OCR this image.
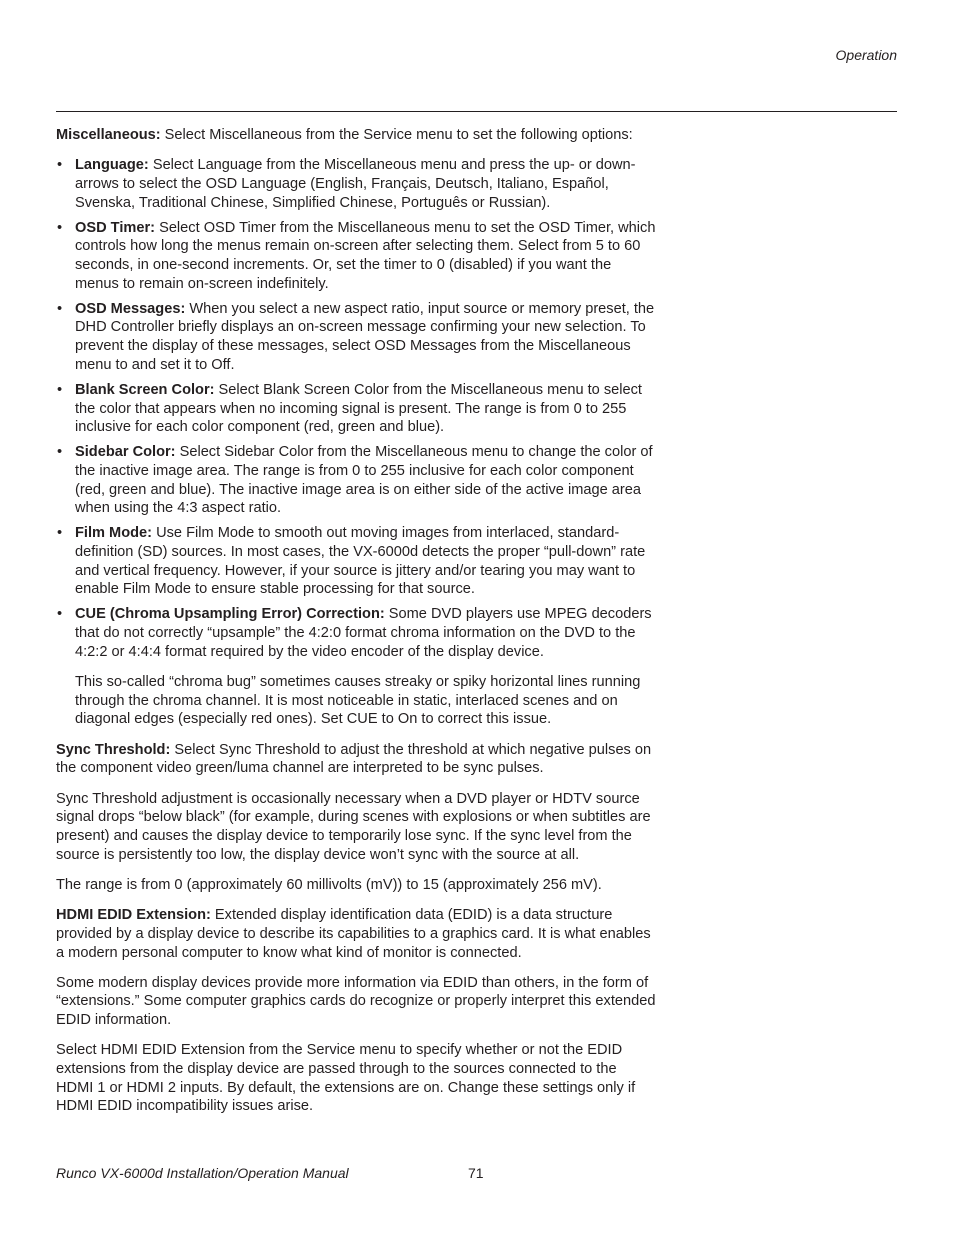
Operation

Miscellaneous: Select Miscellaneous from the Service menu to set the following options:

• Language: Select Language from the Miscellaneous menu and press the up- or down-arrows to select the OSD Language (English, Français, Deutsch, Italiano, Español, Svenska, Traditional Chinese, Simplified Chinese, Português or Russian).
• OSD Timer: Select OSD Timer from the Miscellaneous menu to set the OSD Timer, which controls how long the menus remain on-screen after selecting them. Select from 5 to 60 seconds, in one-second increments. Or, set the timer to 0 (disabled) if you want the menus to remain on-screen indefinitely.
• OSD Messages: When you select a new aspect ratio, input source or memory preset, the DHD Controller briefly displays an on-screen message confirming your new selection. To prevent the display of these messages, select OSD Messages from the Miscellaneous menu to and set it to Off.
• Blank Screen Color: Select Blank Screen Color from the Miscellaneous menu to select the color that appears when no incoming signal is present. The range is from 0 to 255 inclusive for each color component (red, green and blue).
• Sidebar Color: Select Sidebar Color from the Miscellaneous menu to change the color of the inactive image area. The range is from 0 to 255 inclusive for each color component (red, green and blue). The inactive image area is on either side of the active image area when using the 4:3 aspect ratio.
• Film Mode: Use Film Mode to smooth out moving images from interlaced, standard-definition (SD) sources. In most cases, the VX-6000d detects the proper “pull-down” rate and vertical frequency. However, if your source is jittery and/or tearing you may want to enable Film Mode to ensure stable processing for that source.
• CUE (Chroma Upsampling Error) Correction: Some DVD players use MPEG decoders that do not correctly “upsample” the 4:2:0 format chroma information on the DVD to the 4:2:2 or 4:4:4 format required by the video encoder of the display device.

This so-called “chroma bug” sometimes causes streaky or spiky horizontal lines running through the chroma channel. It is most noticeable in static, interlaced scenes and on diagonal edges (especially red ones). Set CUE to On to correct this issue.

Sync Threshold: Select Sync Threshold to adjust the threshold at which negative pulses on the component video green/luma channel are interpreted to be sync pulses.

Sync Threshold adjustment is occasionally necessary when a DVD player or HDTV source signal drops “below black” (for example, during scenes with explosions or when subtitles are present) and causes the display device to temporarily lose sync. If the sync level from the source is persistently too low, the display device won’t sync with the source at all.

The range is from 0 (approximately 60 millivolts (mV)) to 15 (approximately 256 mV).

HDMI EDID Extension: Extended display identification data (EDID) is a data structure provided by a display device to describe its capabilities to a graphics card. It is what enables a modern personal computer to know what kind of monitor is connected.

Some modern display devices provide more information via EDID than others, in the form of “extensions.” Some computer graphics cards do recognize or properly interpret this extended EDID information.

Select HDMI EDID Extension from the Service menu to specify whether or not the EDID extensions from the display device are passed through to the sources connected to the HDMI 1 or HDMI 2 inputs. By default, the extensions are on. Change these settings only if HDMI EDID incompatibility issues arise.

Runco VX-6000d Installation/Operation Manual	71
